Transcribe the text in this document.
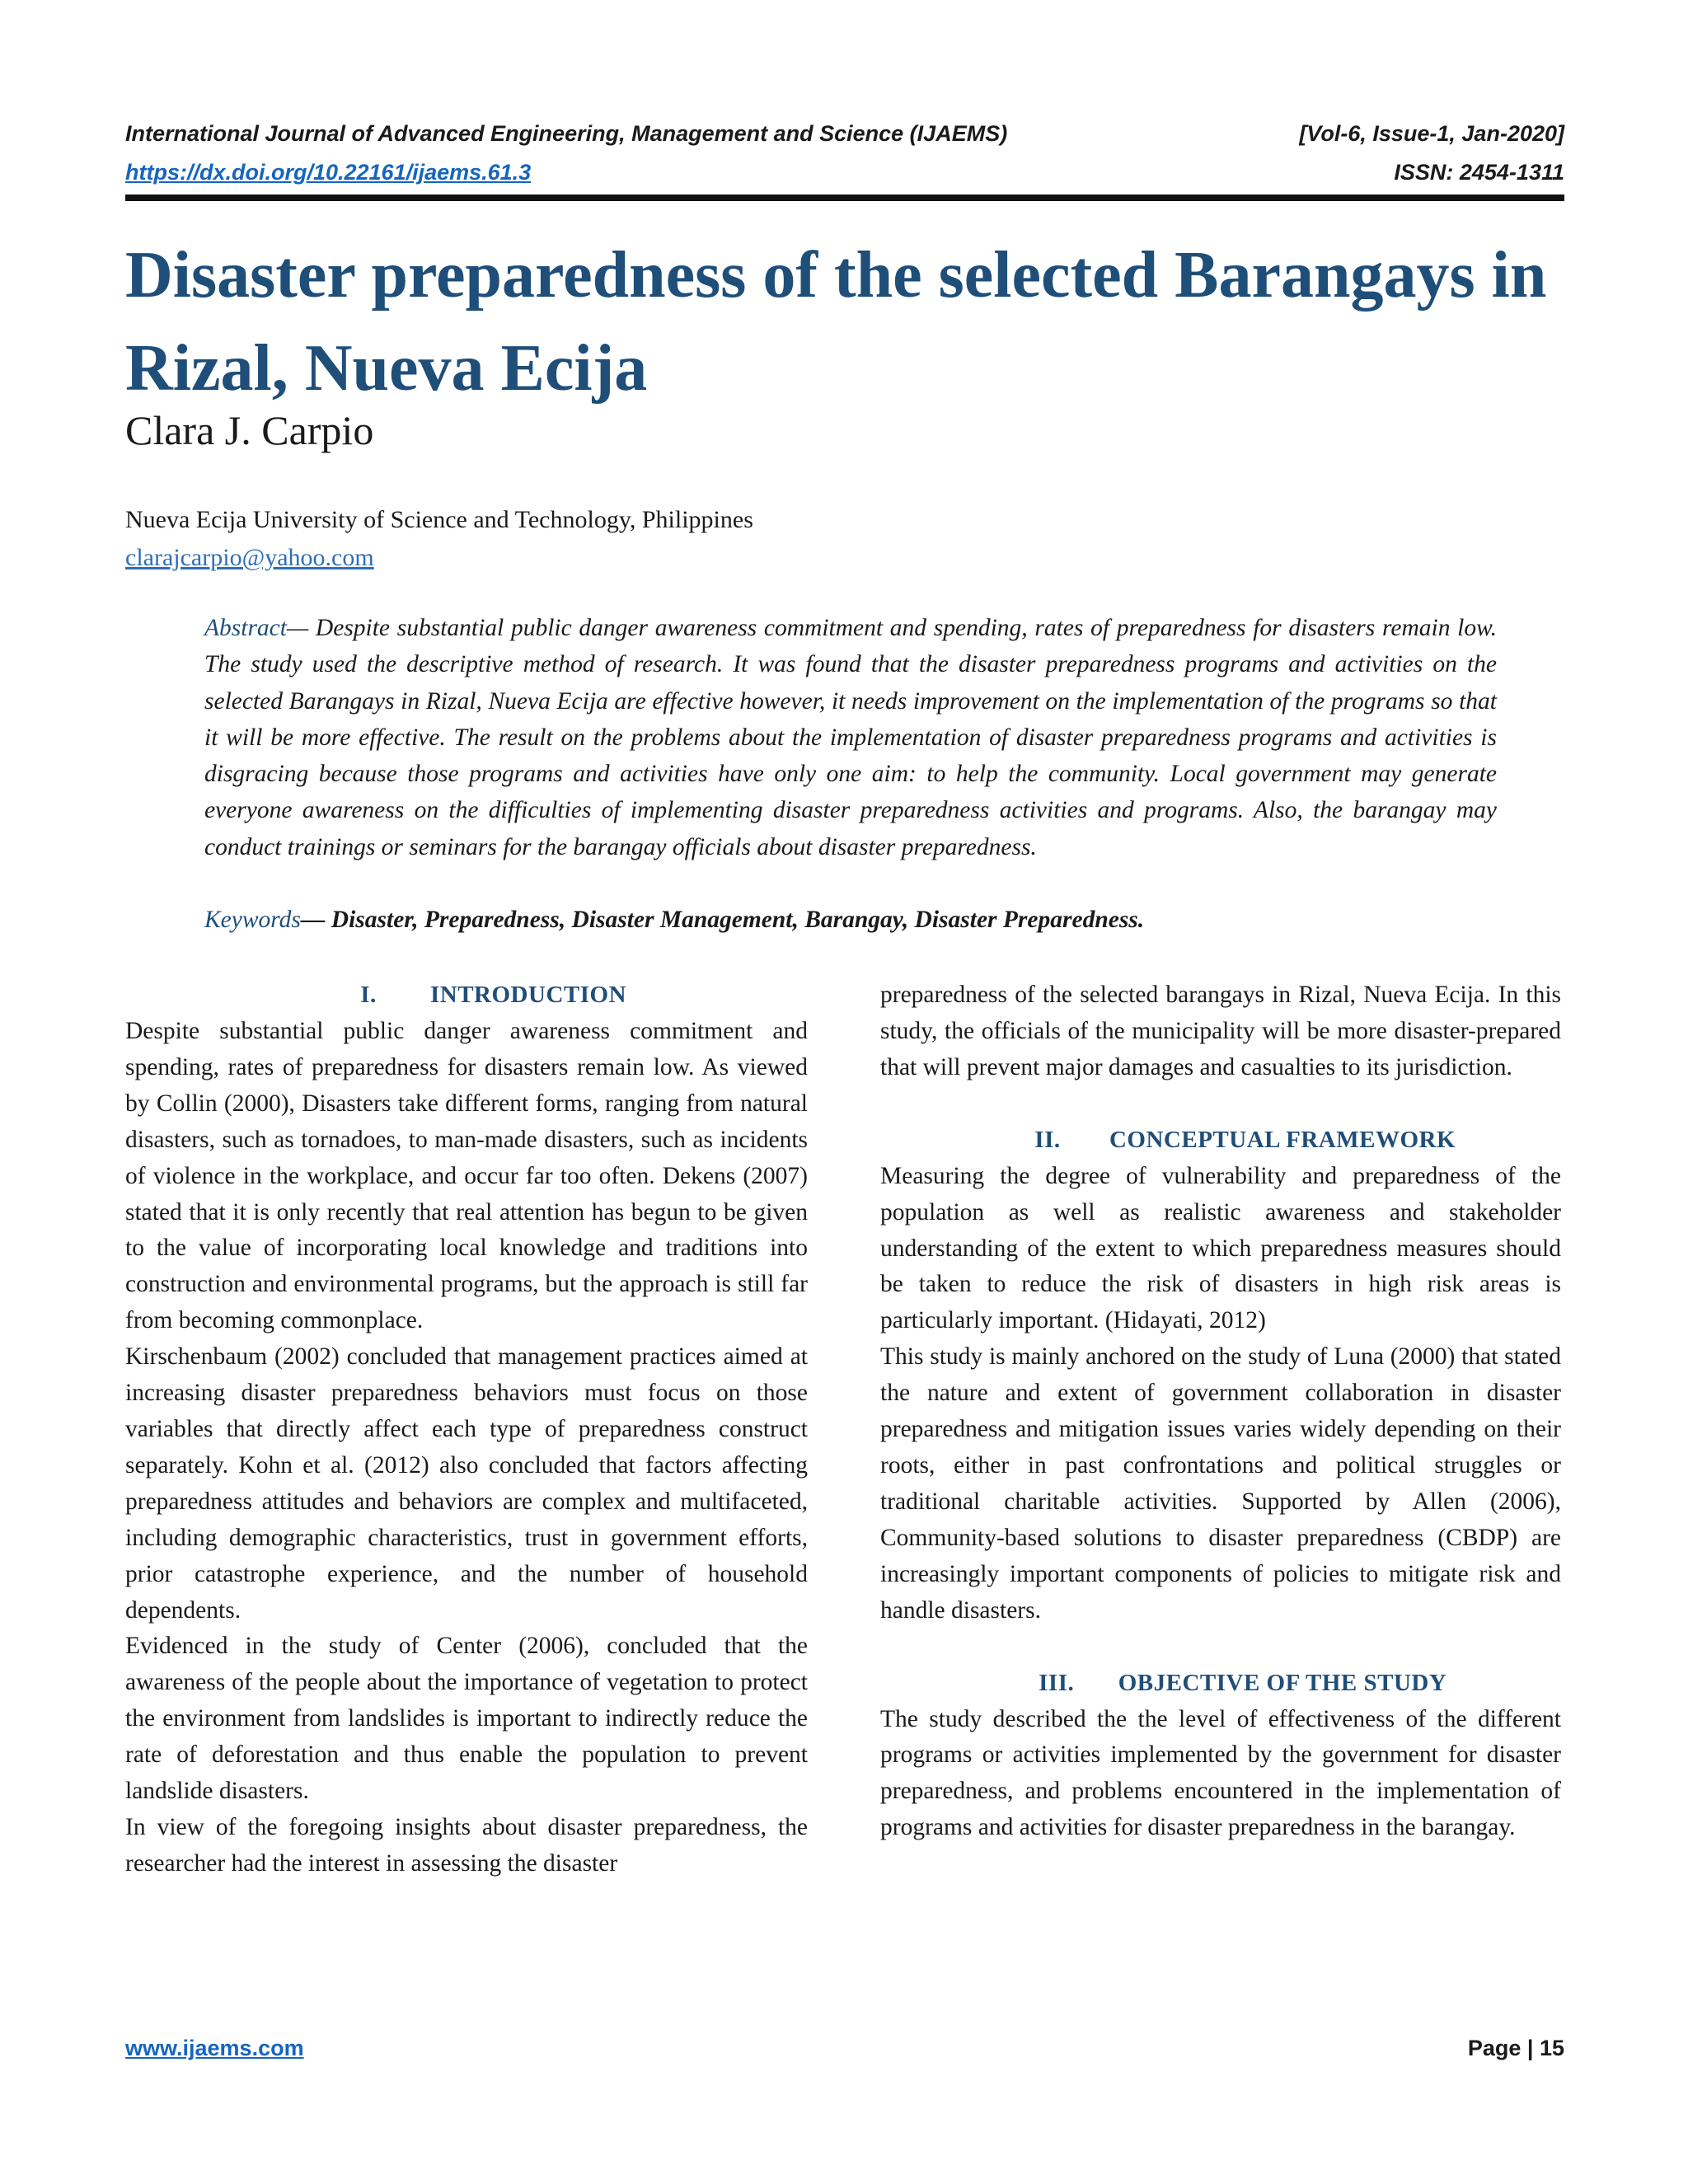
International Journal of Advanced Engineering, Management and Science (IJAEMS)	[Vol-6, Issue-1, Jan-2020]
https://dx.doi.org/10.22161/ijaems.61.3	ISSN: 2454-1311
Disaster preparedness of the selected Barangays in Rizal, Nueva Ecija
Clara J. Carpio
Nueva Ecija University of Science and Technology, Philippines
clarajcarpio@yahoo.com

Abstract— Despite substantial public danger awareness commitment and spending, rates of preparedness for disasters remain low. The study used the descriptive method of research. It was found that the disaster preparedness programs and activities on the selected Barangays in Rizal, Nueva Ecija are effective however, it needs improvement on the implementation of the programs so that it will be more effective. The result on the problems about the implementation of disaster preparedness programs and activities is disgracing because those programs and activities have only one aim: to help the community. Local government may generate everyone awareness on the difficulties of implementing disaster preparedness activities and programs. Also, the barangay may conduct trainings or seminars for the barangay officials about disaster preparedness.

Keywords— Disaster, Preparedness, Disaster Management, Barangay, Disaster Preparedness.
I. INTRODUCTION

Despite substantial public danger awareness commitment and spending, rates of preparedness for disasters remain low. As viewed by Collin (2000), Disasters take different forms, ranging from natural disasters, such as tornadoes, to man-made disasters, such as incidents of violence in the workplace, and occur far too often. Dekens (2007) stated that it is only recently that real attention has begun to be given to the value of incorporating local knowledge and traditions into construction and environmental programs, but the approach is still far from becoming commonplace.

Kirschenbaum (2002) concluded that management practices aimed at increasing disaster preparedness behaviors must focus on those variables that directly affect each type of preparedness construct separately. Kohn et al. (2012) also concluded that factors affecting preparedness attitudes and behaviors are complex and multifaceted, including demographic characteristics, trust in government efforts, prior catastrophe experience, and the number of household dependents.

Evidenced in the study of Center (2006), concluded that the awareness of the people about the importance of vegetation to protect the environment from landslides is important to indirectly reduce the rate of deforestation and thus enable the population to prevent landslide disasters.

In view of the foregoing insights about disaster preparedness, the researcher had the interest in assessing the disaster

preparedness of the selected barangays in Rizal, Nueva Ecija. In this study, the officials of the municipality will be more disaster-prepared that will prevent major damages and casualties to its jurisdiction.

II. CONCEPTUAL FRAMEWORK

Measuring the degree of vulnerability and preparedness of the population as well as realistic awareness and stakeholder understanding of the extent to which preparedness measures should be taken to reduce the risk of disasters in high risk areas is particularly important. (Hidayati, 2012)

This study is mainly anchored on the study of Luna (2000) that stated the nature and extent of government collaboration in disaster preparedness and mitigation issues varies widely depending on their roots, either in past confrontations and political struggles or traditional charitable activities. Supported by Allen (2006), Community-based solutions to disaster preparedness (CBDP) are increasingly important components of policies to mitigate risk and handle disasters.

III. OBJECTIVE OF THE STUDY

The study described the the level of effectiveness of the different programs or activities implemented by the government for disaster preparedness, and problems encountered in the implementation of programs and activities for disaster preparedness in the barangay.

www.ijaems.com	Page | 15
